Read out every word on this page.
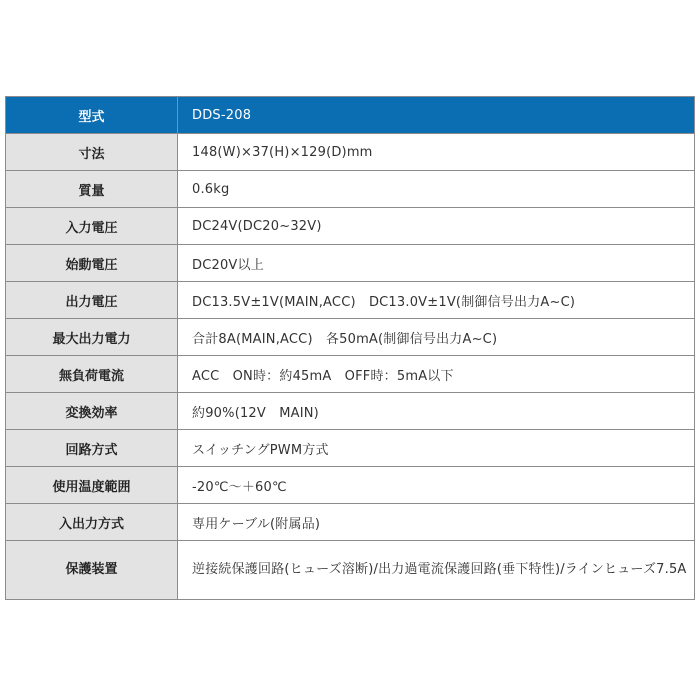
型式	DDS-208
寸法	148(W)×37(H)×129(D)mm
質量	0.6kg
入力電圧	DC24V(DC20~32V)
始動電圧	DC20V以上
出力電圧	DC13.5V±1V(MAIN,ACC)　DC13.0V±1V(制御信号出力A~C)
最大出力電力	合計8A(MAIN,ACC)　各50mA(制御信号出力A~C)
無負荷電流	ACC　ON時：約45mA　OFF時：5mA以下
変換効率	約90%(12V　MAIN)
回路方式	スイッチングPWM方式
使用温度範囲	-20℃～＋60℃
入出力方式	専用ケーブル(附属品)
保護装置	逆接続保護回路(ヒューズ溶断)/出力過電流保護回路(垂下特性)/ラインヒューズ7.5A
